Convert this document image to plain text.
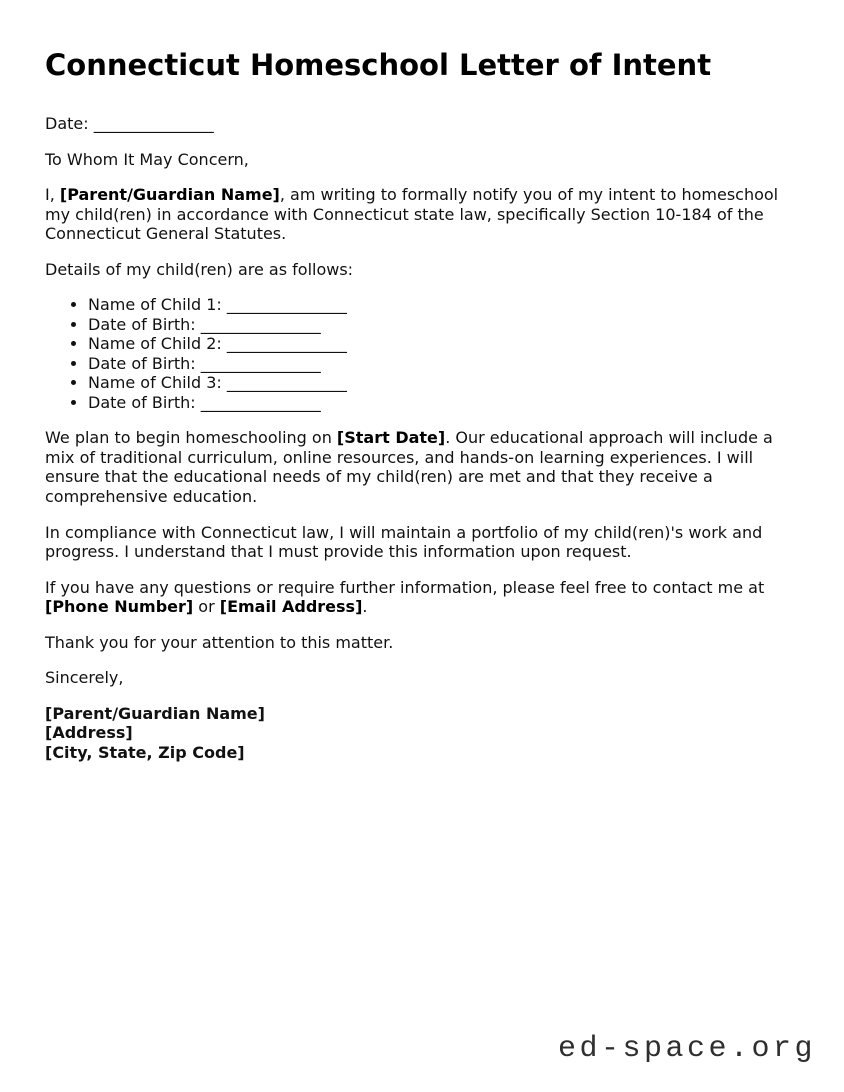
Connecticut Homeschool Letter of Intent

Date: _______________

To Whom It May Concern,

I, [Parent/Guardian Name], am writing to formally notify you of my intent to homeschool my child(ren) in accordance with Connecticut state law, specifically Section 10-184 of the Connecticut General Statutes.

Details of my child(ren) are as follows:

• Name of Child 1: _______________
• Date of Birth: _______________
• Name of Child 2: _______________
• Date of Birth: _______________
• Name of Child 3: _______________
• Date of Birth: _______________

We plan to begin homeschooling on [Start Date]. Our educational approach will include a mix of traditional curriculum, online resources, and hands-on learning experiences. I will ensure that the educational needs of my child(ren) are met and that they receive a comprehensive education.

In compliance with Connecticut law, I will maintain a portfolio of my child(ren)'s work and progress. I understand that I must provide this information upon request.

If you have any questions or require further information, please feel free to contact me at [Phone Number] or [Email Address].

Thank you for your attention to this matter.

Sincerely,

[Parent/Guardian Name]
[Address]
[City, State, Zip Code]
ed-space.org
